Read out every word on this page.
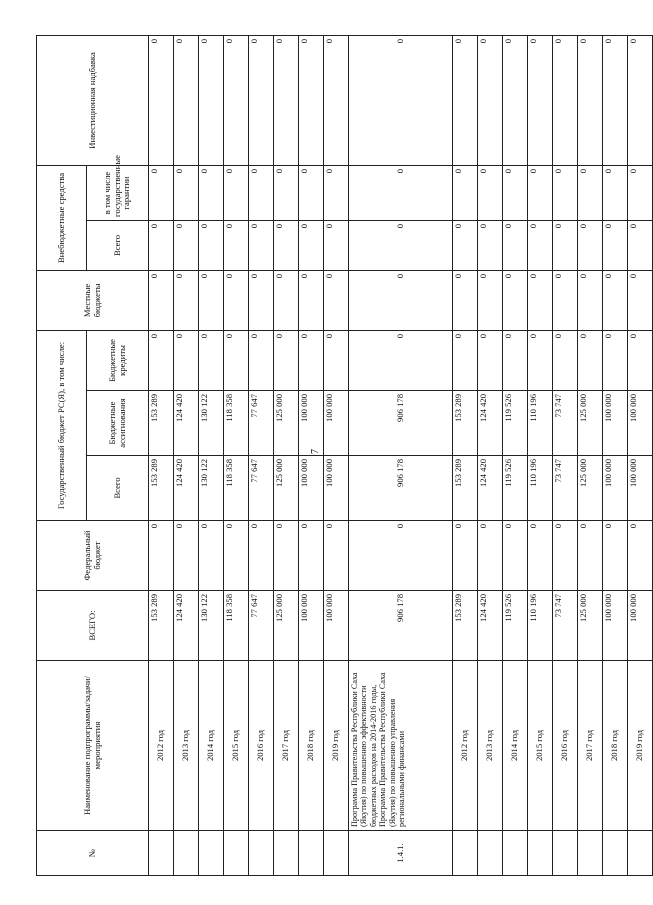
7
№	Наименование подпрограммы/задачи/мероприятия	ВСЕГО:	Федеральный бюджет	Государственный бюджет РС(Я), в том числе:			Местные бюджеты	Внебюджетные средства		Инвестиционная надбавка
				Всего	Бюджетные ассигнования	Бюджетные кредиты		Всего	в том числе государственные гарантии	
	2012 год	153 289	0	153 289	153 289	0	0	0	0	0
	2013 год	124 420	0	124 420	124 420	0	0	0	0	0
	2014 год	130 122	0	130 122	130 122	0	0	0	0	0
	2015 год	118 358	0	118 358	118 358	0	0	0	0	0
	2016 год	77 647	0	77 647	77 647	0	0	0	0	0
	2017 год	125 000	0	125 000	125 000	0	0	0	0	0
	2018 год	100 000	0	100 000	100 000	0	0	0	0	0
	2019 год	100 000	0	100 000	100 000	0	0	0	0	0
1.4.1.	Программа Правительства Республики Саха (Якутия) по повышению эффективности бюджетных расходов на 2014-2016 годы, Программа Правительства Республики Саха (Якутия) по повышению управления региональными финансами	906 178	0	906 178	906 178	0	0	0	0	0
	2012 год	153 289	0	153 289	153 289	0	0	0	0	0
	2013 год	124 420	0	124 420	124 420	0	0	0	0	0
	2014 год	119 526	0	119 526	119 526	0	0	0	0	0
	2015 год	110 196	0	110 196	110 196	0	0	0	0	0
	2016 год	73 747	0	73 747	73 747	0	0	0	0	0
	2017 год	125 000	0	125 000	125 000	0	0	0	0	0
	2018 год	100 000	0	100 000	100 000	0	0	0	0	0
	2019 год	100 000	0	100 000	100 000	0	0	0	0	0
